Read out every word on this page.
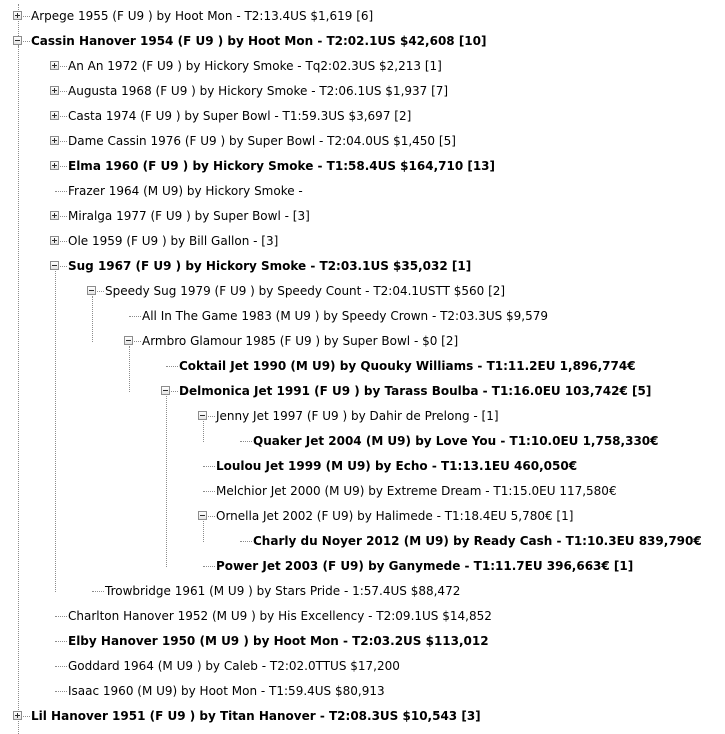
Arpege 1955 (F U9 ) by Hoot Mon - T2:13.4US $1,619 [6]
Cassin Hanover 1954 (F U9 ) by Hoot Mon - T2:02.1US $42,608 [10]
An An 1972 (F U9 ) by Hickory Smoke - Tq2:02.3US $2,213 [1]
Augusta 1968 (F U9 ) by Hickory Smoke - T2:06.1US $1,937 [7]
Casta 1974 (F U9 ) by Super Bowl - T1:59.3US $3,697 [2]
Dame Cassin 1976 (F U9 ) by Super Bowl - T2:04.0US $1,450 [5]
Elma 1960 (F U9 ) by Hickory Smoke - T1:58.4US $164,710 [13]
Frazer 1964 (M U9) by Hickory Smoke -
Miralga 1977 (F U9 ) by Super Bowl - [3]
Ole 1959 (F U9 ) by Bill Gallon - [3]
Sug 1967 (F U9 ) by Hickory Smoke - T2:03.1US $35,032 [1]
Speedy Sug 1979 (F U9 ) by Speedy Count - T2:04.1USTT $560 [2]
All In The Game 1983 (M U9 ) by Speedy Crown - T2:03.3US $9,579
Armbro Glamour 1985 (F U9 ) by Super Bowl - $0 [2]
Coktail Jet 1990 (M U9) by Quouky Williams - T1:11.2EU 1,896,774€
Delmonica Jet 1991 (F U9 ) by Tarass Boulba - T1:16.0EU 103,742€ [5]
Jenny Jet 1997 (F U9 ) by Dahir de Prelong - [1]
Quaker Jet 2004 (M U9) by Love You - T1:10.0EU 1,758,330€
Loulou Jet 1999 (M U9) by Echo - T1:13.1EU 460,050€
Melchior Jet 2000 (M U9) by Extreme Dream - T1:15.0EU 117,580€
Ornella Jet 2002 (F U9) by Halimede - T1:18.4EU 5,780€ [1]
Charly du Noyer 2012 (M U9) by Ready Cash - T1:10.3EU 839,790€
Power Jet 2003 (F U9) by Ganymede - T1:11.7EU 396,663€ [1]
Trowbridge 1961 (M U9 ) by Stars Pride - 1:57.4US $88,472
Charlton Hanover 1952 (M U9 ) by His Excellency - T2:09.1US $14,852
Elby Hanover 1950 (M U9 ) by Hoot Mon - T2:03.2US $113,012
Goddard 1964 (M U9 ) by Caleb - T2:02.0TTUS $17,200
Isaac 1960 (M U9) by Hoot Mon - T1:59.4US $80,913
Lil Hanover 1951 (F U9 ) by Titan Hanover - T2:08.3US $10,543 [3]
